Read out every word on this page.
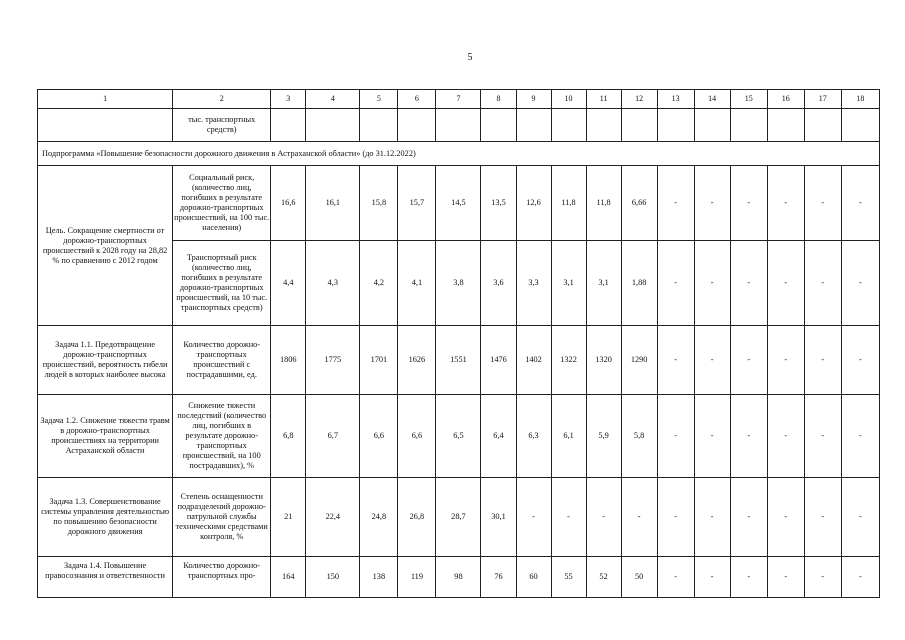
5
1	2	3	4	5	6	7	8	9	10	11	12	13	14	15	16	17	18
	тыс. транспортных средств)																
Подпрограмма «Повышение безопасности дорожного движения в Астраханской области» (до 31.12.2022)																	
Цель. Сокращение смертности от дорожно-транспортных происшествий к 2028 году на 28,82 % по сравнению с 2012 годом	Социальный риск, (количество лиц, погибших в результате дорожно-транспортных происшествий, на 100 тыс. населения)	16,6	16,1	15,8	15,7	14,5	13,5	12,6	11,8	11,8	6,66	-	-	-	-	-	-
	Транспортный риск (количество лиц, погибших в результате дорожно-транспортных происшествий, на 10 тыс. транспортных средств)	4,4	4,3	4,2	4,1	3,8	3,6	3,3	3,1	3,1	1,88	-	-	-	-	-	-
Задача 1.1. Предотвращение дорожно-транспортных происшествий, вероятность гибели людей в которых наиболее высока	Количество дорожно-транспортных происшествий с пострадавшими, ед.	1806	1775	1701	1626	1551	1476	1402	1322	1320	1290	-	-	-	-	-	-
Задача 1.2. Снижение тяжести травм в дорожно-транспортных происшествиях на территории Астраханской области	Снижение тяжести последствий (количество лиц, погибших в результате дорожно-транспортных происшествий, на 100 пострадавших), %	6,8	6,7	6,6	6,6	6,5	6,4	6,3	6,1	5,9	5,8	-	-	-	-	-	-
Задача 1.3. Совершенствование системы управления деятельностью по повышению безопасности дорожного движения	Степень оснащенности подразделений дорожно-патрульной службы техническими средствами контроля, %	21	22,4	24,8	26,8	28,7	30,1	-	-	-	-	-	-	-	-	-	-
Задача 1.4. Повышение правосознания и ответственности	Количество дорожно-транспортных про-	164	150	138	119	98	76	60	55	52	50	-	-	-	-	-	-
